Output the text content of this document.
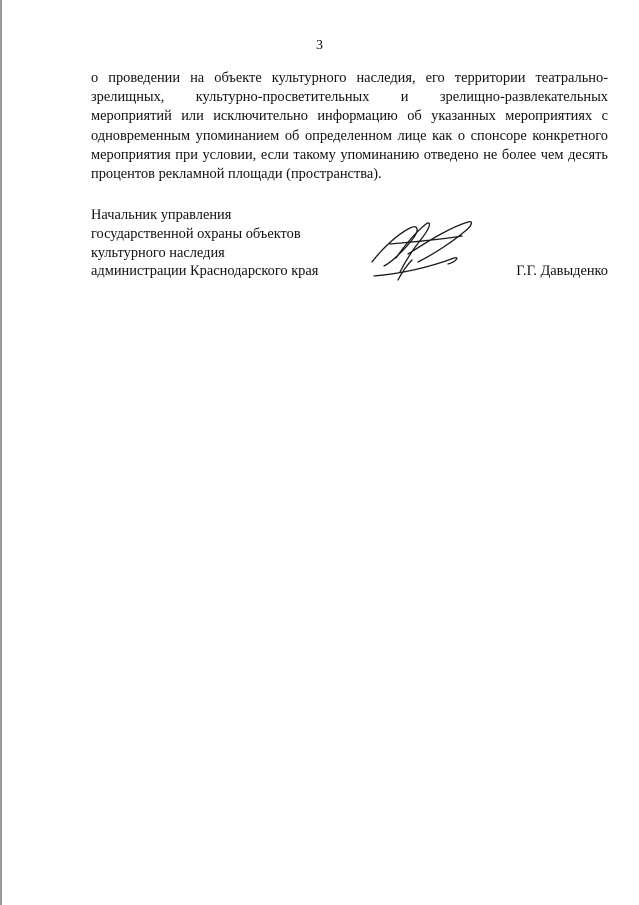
3

о проведении на объекте культурного наследия, его территории театрально-зрелищных, культурно-просветительных и зрелищно-развлекательных мероприятий или исключительно информацию об указанных мероприятиях с одновременным упоминанием об определенном лице как о спонсоре конкретного мероприятия при условии, если такому упоминанию отведено не более чем десять процентов рекламной площади (пространства).

Начальник управления
государственной охраны объектов
культурного наследия
администрации Краснодарского края	Г.Г. Давыденко
